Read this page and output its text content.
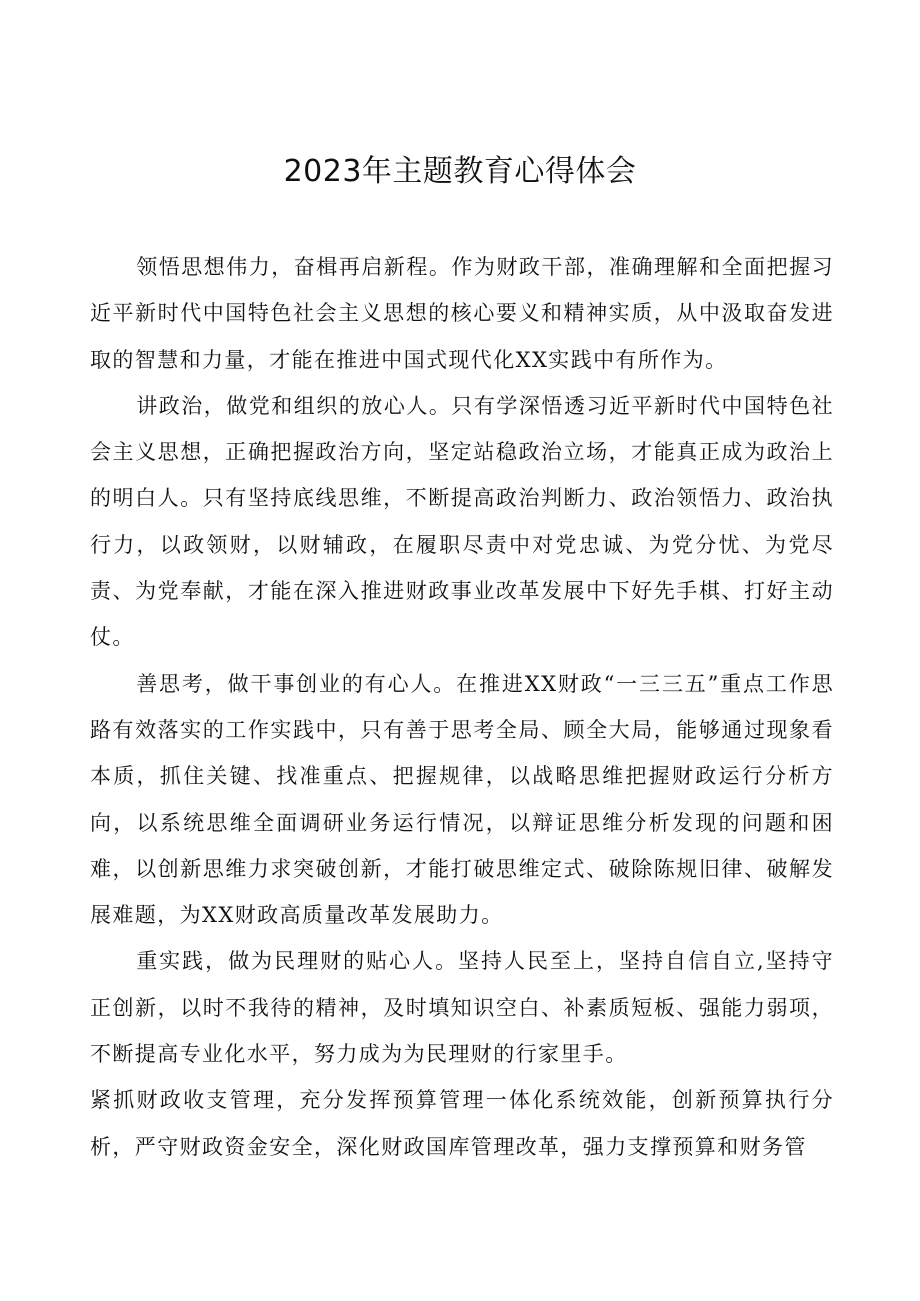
2023年主题教育心得体会

领悟思想伟力，奋楫再启新程。作为财政干部，准确理解和全面把握习近平新时代中国特色社会主义思想的核心要义和精神实质，从中汲取奋发进取的智慧和力量，才能在推进中国式现代化XX实践中有所作为。

讲政治，做党和组织的放心人。只有学深悟透习近平新时代中国特色社会主义思想，正确把握政治方向，坚定站稳政治立场，才能真正成为政治上的明白人。只有坚持底线思维，不断提高政治判断力、政治领悟力、政治执行力，以政领财，以财辅政，在履职尽责中对党忠诚、为党分忧、为党尽责、为党奉献，才能在深入推进财政事业改革发展中下好先手棋、打好主动仗。

善思考，做干事创业的有心人。在推进XX财政“一三三五”重点工作思路有效落实的工作实践中，只有善于思考全局、顾全大局，能够通过现象看本质，抓住关键、找准重点、把握规律，以战略思维把握财政运行分析方向，以系统思维全面调研业务运行情况，以辩证思维分析发现的问题和困难，以创新思维力求突破创新，才能打破思维定式、破除陈规旧律、破解发展难题，为XX财政高质量改革发展助力。

重实践，做为民理财的贴心人。坚持人民至上，坚持自信自立,坚持守正创新，以时不我待的精神，及时填知识空白、补素质短板、强能力弱项，不断提高专业化水平，努力成为为民理财的行家里手。

紧抓财政收支管理，充分发挥预算管理一体化系统效能，创新预算执行分析，严守财政资金安全，深化财政国库管理改革，强力支撑预算和财务管
